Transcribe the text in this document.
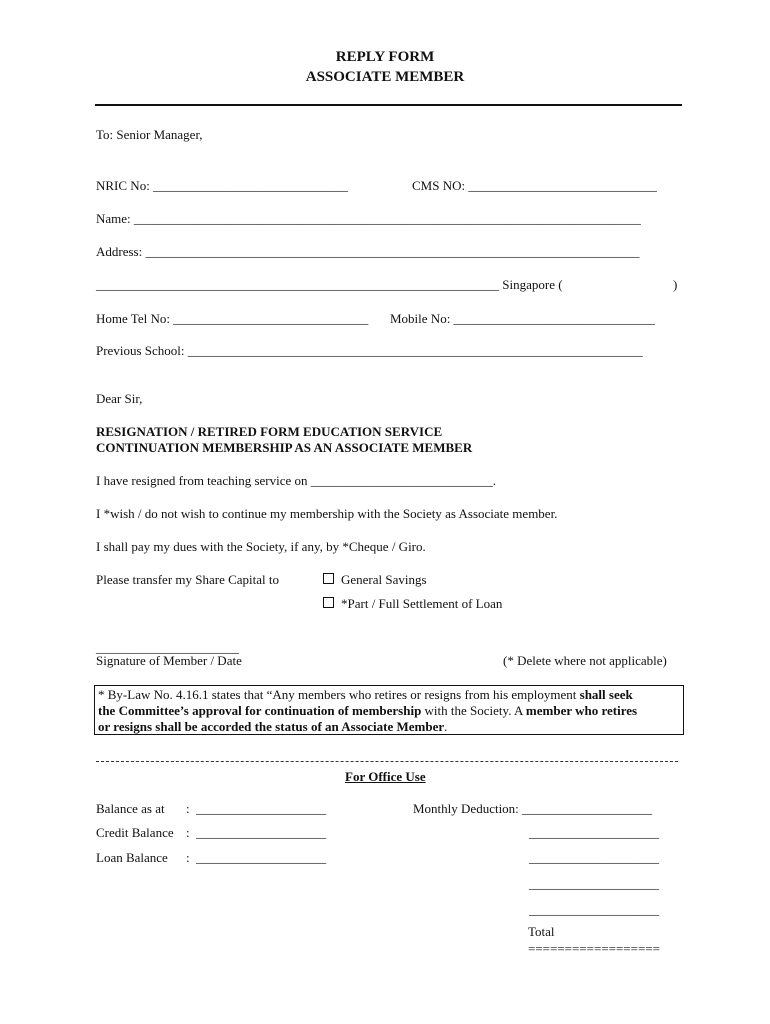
REPLY FORM
ASSOCIATE MEMBER
To: Senior Manager,
NRIC No: ______________________________	CMS NO: _____________________________
Name: ______________________________________________________________________________
Address: ____________________________________________________________________________
______________________________________________________________ Singapore (	)
Home Tel No: ______________________________ Mobile No: _______________________________
Previous School: ______________________________________________________________________
Dear Sir,
RESIGNATION / RETIRED FORM EDUCATION SERVICE
CONTINUATION MEMBERSHIP AS AN ASSOCIATE MEMBER
I have resigned from teaching service on ____________________________.
I *wish / do not wish to continue my membership with the Society as Associate member.
I shall pay my dues with the Society, if any, by *Cheque / Giro.
Please transfer my Share Capital to	General Savings
*Part / Full Settlement of Loan
______________________
Signature of Member / Date	(* Delete where not applicable)
* By-Law No. 4.16.1 states that “Any members who retires or resigns from his employment shall seek
the Committee’s approval for continuation of membership with the Society. A member who retires
or resigns shall be accorded the status of an Associate Member.
For Office Use
Balance as at :  ____________________	Monthly Deduction: ____________________
Credit Balance :  ____________________	____________________
Loan Balance :  ____________________	____________________
____________________
____________________
Total
==================
